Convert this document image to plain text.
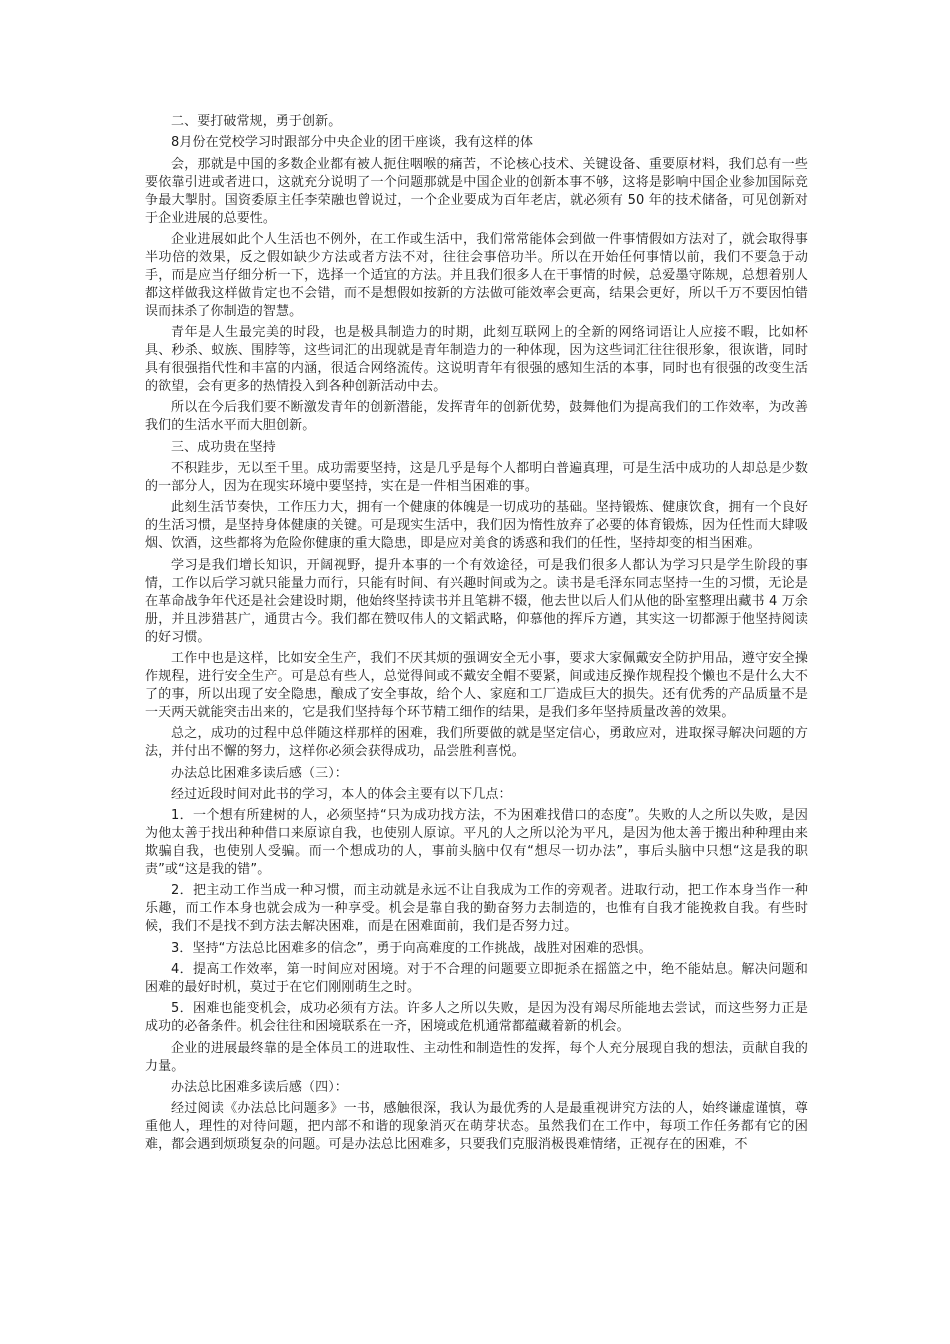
二、要打破常规，勇于创新。

8月份在党校学习时跟部分中央企业的团干座谈，我有这样的体

会，那就是中国的多数企业都有被人扼住咽喉的痛苦，不论核心技术、关键设备、重要原材料，我们总有一些要依靠引进或者进口，这就充分说明了一个问题那就是中国企业的创新本事不够，这将是影响中国企业参加国际竞争最大掣肘。国资委原主任李荣融也曾说过，一个企业要成为百年老店，就必须有 50 年的技术储备，可见创新对于企业进展的总要性。

企业进展如此个人生活也不例外，在工作或生活中，我们常常能体会到做一件事情假如方法对了，就会取得事半功倍的效果，反之假如缺少方法或者方法不对，往往会事倍功半。所以在开始任何事情以前，我们不要急于动手，而是应当仔细分析一下，选择一个适宜的方法。并且我们很多人在干事情的时候，总爱墨守陈规，总想着别人都这样做我这样做肯定也不会错，而不是想假如按新的方法做可能效率会更高，结果会更好，所以千万不要因怕错误而抹杀了你制造的智慧。

青年是人生最完美的时段，也是极具制造力的时期，此刻互联网上的全新的网络词语让人应接不暇，比如杯具、秒杀、蚁族、围脖等，这些词汇的出现就是青年制造力的一种体现，因为这些词汇往往很形象，很诙谐，同时具有很强指代性和丰富的内涵，很适合网络流传。这说明青年有很强的感知生活的本事，同时也有很强的改变生活的欲望，会有更多的热情投入到各种创新活动中去。

所以在今后我们要不断激发青年的创新潜能，发挥青年的创新优势，鼓舞他们为提高我们的工作效率，为改善我们的生活水平而大胆创新。

三、成功贵在坚持

不积跬步，无以至千里。成功需要坚持，这是几乎是每个人都明白普遍真理，可是生活中成功的人却总是少数的一部分人，因为在现实环境中要坚持，实在是一件相当困难的事。

此刻生活节奏快，工作压力大，拥有一个健康的体魄是一切成功的基础。坚持锻炼、健康饮食，拥有一个良好的生活习惯，是坚持身体健康的关键。可是现实生活中，我们因为惰性放弃了必要的体育锻炼，因为任性而大肆吸烟、饮酒，这些都将为危险你健康的重大隐患，即是应对美食的诱惑和我们的任性，坚持却变的相当困难。

学习是我们增长知识，开阔视野，提升本事的一个有效途径，可是我们很多人都认为学习只是学生阶段的事情，工作以后学习就只能量力而行，只能有时间、有兴趣时间或为之。读书是毛泽东同志坚持一生的习惯，无论是在革命战争年代还是社会建设时期，他始终坚持读书并且笔耕不辍，他去世以后人们从他的卧室整理出藏书 4 万余册，并且涉猎甚广，通贯古今。我们都在赞叹伟人的文韬武略，仰慕他的挥斥方遒，其实这一切都源于他坚持阅读的好习惯。

工作中也是这样，比如安全生产，我们不厌其烦的强调安全无小事，要求大家佩戴安全防护用品，遵守安全操作规程，进行安全生产。可是总有些人，总觉得间或不戴安全帽不要紧，间或违反操作规程投个懒也不是什么大不了的事，所以出现了安全隐患，酿成了安全事故，给个人、家庭和工厂造成巨大的损失。还有优秀的产品质量不是一天两天就能突击出来的，它是我们坚持每个环节精工细作的结果，是我们多年坚持质量改善的效果。

总之，成功的过程中总伴随这样那样的困难，我们所要做的就是坚定信心，勇敢应对，进取探寻解决问题的方法，并付出不懈的努力，这样你必须会获得成功，品尝胜利喜悦。

办法总比困难多读后感（三）：

经过近段时间对此书的学习，本人的体会主要有以下几点：

1．一个想有所建树的人，必须坚持“只为成功找方法，不为困难找借口的态度”。失败的人之所以失败，是因为他太善于找出种种借口来原谅自我，也使别人原谅。平凡的人之所以沦为平凡，是因为他太善于搬出种种理由来欺骗自我，也使别人受骗。而一个想成功的人，事前头脑中仅有“想尽一切办法”，事后头脑中只想“这是我的职责”或“这是我的错”。

2．把主动工作当成一种习惯，而主动就是永远不让自我成为工作的旁观者。进取行动，把工作本身当作一种乐趣，而工作本身也就会成为一种享受。机会是靠自我的勤奋努力去制造的，也惟有自我才能挽救自我。有些时候，我们不是找不到方法去解决困难，而是在困难面前，我们是否努力过。

3．坚持“方法总比困难多的信念”，勇于向高难度的工作挑战，战胜对困难的恐惧。

4．提高工作效率，第一时间应对困境。对于不合理的问题要立即扼杀在摇篮之中，绝不能姑息。解决问题和困难的最好时机，莫过于在它们刚刚萌生之时。

5．困难也能变机会，成功必须有方法。许多人之所以失败，是因为没有竭尽所能地去尝试，而这些努力正是成功的必备条件。机会往往和困境联系在一齐，困境或危机通常都蕴藏着新的机会。

企业的进展最终靠的是全体员工的进取性、主动性和制造性的发挥，每个人充分展现自我的想法，贡献自我的力量。

办法总比困难多读后感（四）：

经过阅读《办法总比问题多》一书，感触很深，我认为最优秀的人是最重视讲究方法的人，始终谦虚谨慎，尊重他人，理性的对待问题，把内部不和谐的现象消灭在萌芽状态。虽然我们在工作中，每项工作任务都有它的困难，都会遇到烦琐复杂的问题。可是办法总比困难多，只要我们克服消极畏难情绪，正视存在的困难，不
